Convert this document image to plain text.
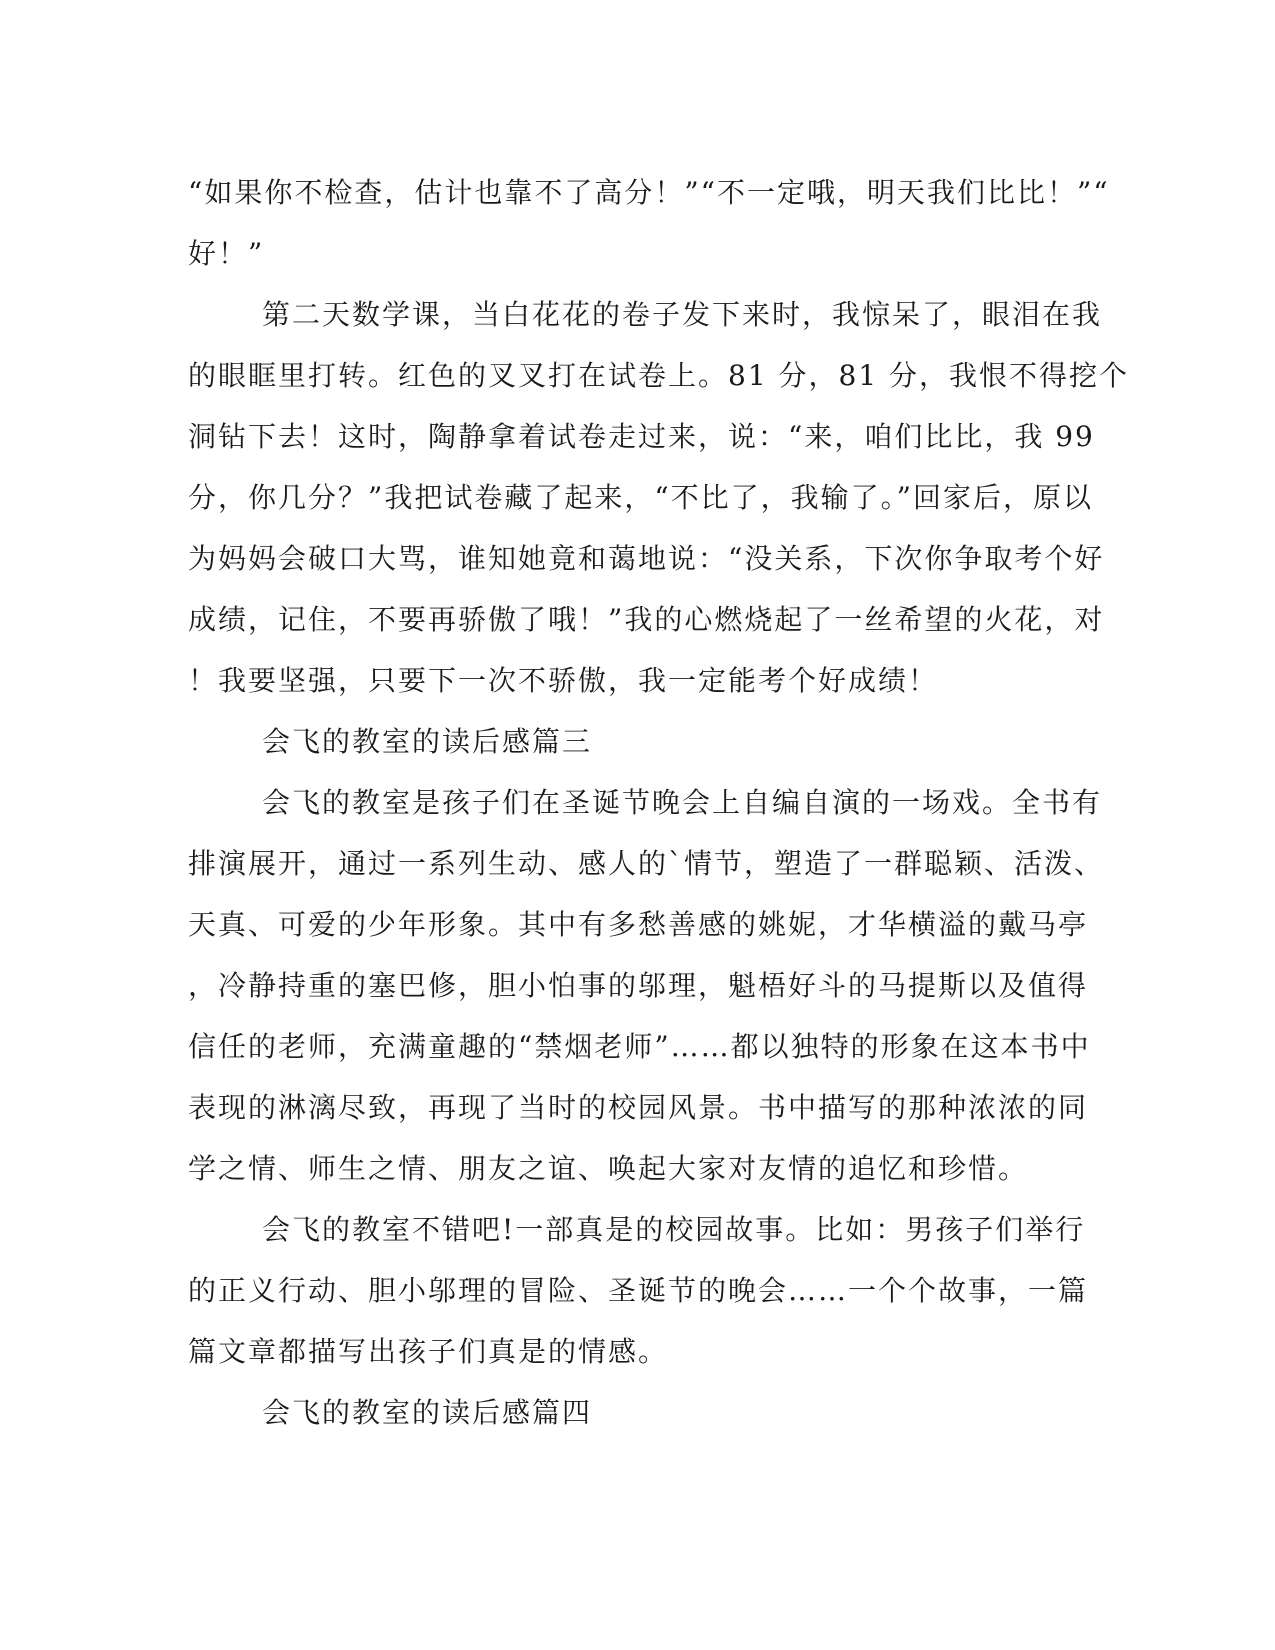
“如果你不检查，估计也靠不了高分！”“不一定哦，明天我们比比！”“
好！”
第二天数学课，当白花花的卷子发下来时，我惊呆了，眼泪在我
的眼眶里打转。红色的叉叉打在试卷上。81 分，81 分，我恨不得挖个
洞钻下去！这时，陶静拿着试卷走过来，说：“来，咱们比比，我 99
分，你几分？”我把试卷藏了起来，“不比了，我输了。”回家后，原以
为妈妈会破口大骂，谁知她竟和蔼地说：“没关系，下次你争取考个好
成绩，记住，不要再骄傲了哦！”我的心燃烧起了一丝希望的火花，对
！我要坚强，只要下一次不骄傲，我一定能考个好成绩！
会飞的教室的读后感篇三
会飞的教室是孩子们在圣诞节晚会上自编自演的一场戏。全书有
排演展开，通过一系列生动、感人的`情节，塑造了一群聪颖、活泼、
天真、可爱的少年形象。其中有多愁善感的姚妮，才华横溢的戴马亭
，冷静持重的塞巴修，胆小怕事的邬理，魁梧好斗的马提斯以及值得
信任的老师，充满童趣的“禁烟老师”……都以独特的形象在这本书中
表现的淋漓尽致，再现了当时的校园风景。书中描写的那种浓浓的同
学之情、师生之情、朋友之谊、唤起大家对友情的追忆和珍惜。
会飞的教室不错吧!一部真是的校园故事。比如：男孩子们举行
的正义行动、胆小邬理的冒险、圣诞节的晚会……一个个故事，一篇
篇文章都描写出孩子们真是的情感。
会飞的教室的读后感篇四
